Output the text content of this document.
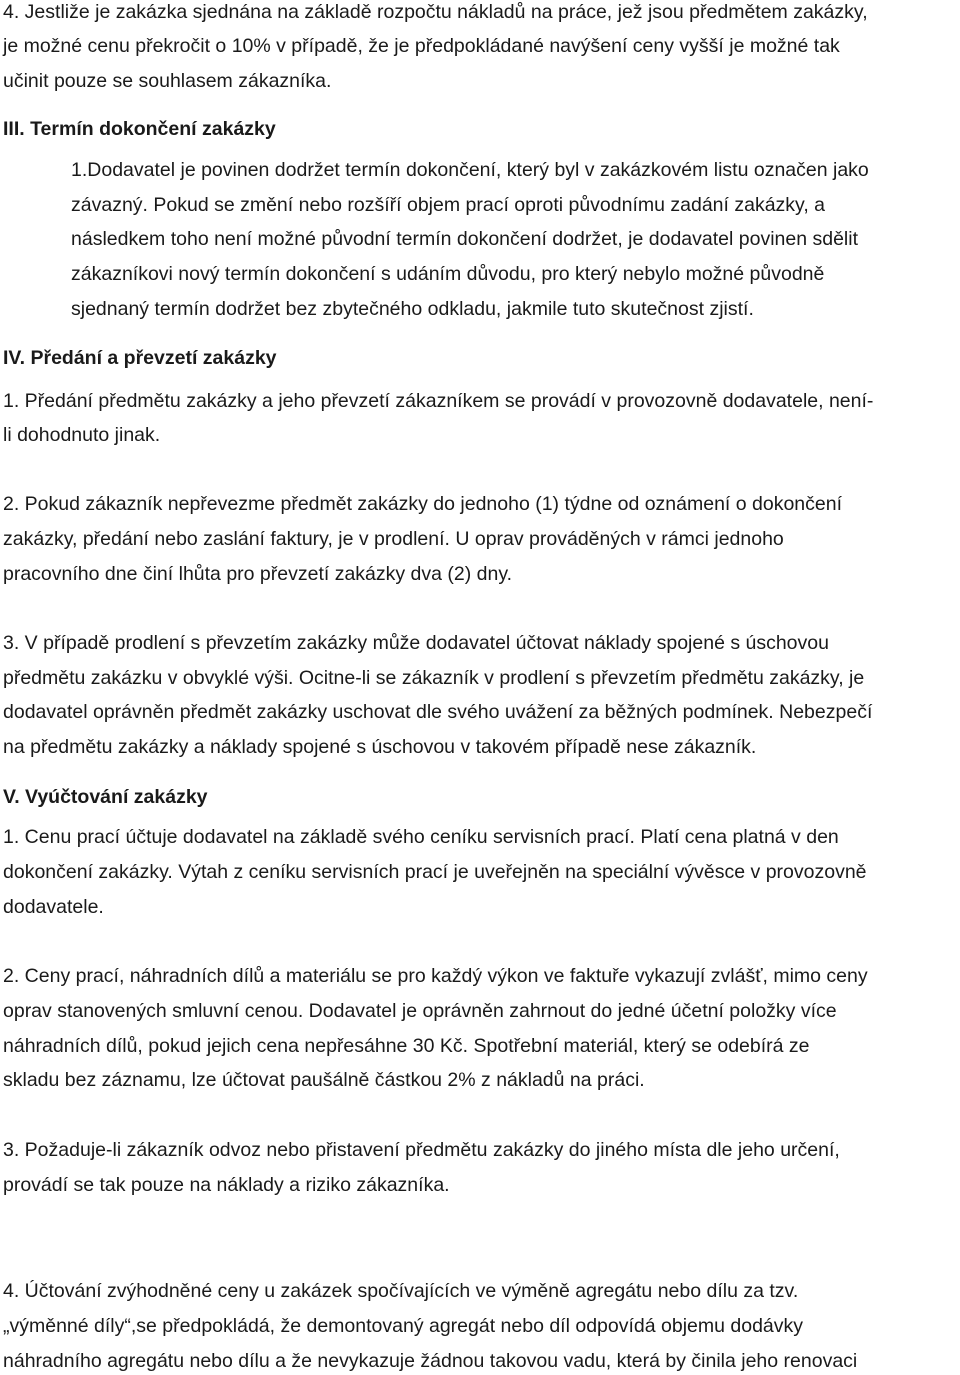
4. Jestliže je zakázka sjednána na základě rozpočtu nákladů na práce, jež jsou předmětem zakázky,

je možné cenu překročit o 10% v případě, že je předpokládané navýšení ceny vyšší je možné tak

učinit pouze se souhlasem zákazníka.

III. Termín dokončení zakázky

1.Dodavatel je povinen dodržet termín dokončení, který byl v zakázkovém listu označen jako

závazný. Pokud se změní nebo rozšíří objem prací oproti původnímu zadání zakázky, a

následkem toho není možné původní termín dokončení dodržet, je dodavatel povinen sdělit

zákazníkovi nový termín dokončení s udáním důvodu, pro který nebylo možné původně

sjednaný termín dodržet bez zbytečného odkladu, jakmile tuto skutečnost zjistí.

IV. Předání a převzetí zakázky

1. Předání předmětu zakázky a jeho převzetí zákazníkem se provádí v provozovně dodavatele, není-

li dohodnuto jinak.

2. Pokud zákazník nepřevezme předmět zakázky do jednoho (1) týdne od oznámení o dokončení

zakázky, předání nebo zaslání faktury, je v prodlení. U oprav prováděných v rámci jednoho

pracovního dne činí lhůta pro převzetí zakázky dva (2) dny.

3. V případě prodlení s převzetím zakázky může dodavatel účtovat náklady spojené s úschovou

předmětu zakázku v obvyklé výši. Ocitne-li se zákazník v prodlení s převzetím předmětu zakázky, je

dodavatel oprávněn předmět zakázky uschovat dle svého uvážení za běžných podmínek. Nebezpečí

na předmětu zakázky a náklady spojené s úschovou v takovém případě nese zákazník.

V. Vyúčtování zakázky

1. Cenu prací účtuje dodavatel na základě svého ceníku servisních prací. Platí cena platná v den

dokončení zakázky. Výtah z ceníku servisních prací je uveřejněn na speciální vývěsce v provozovně

dodavatele.

2. Ceny prací, náhradních dílů a materiálu se pro každý výkon ve faktuře vykazují zvlášť, mimo ceny

oprav stanovených smluvní cenou. Dodavatel je oprávněn zahrnout do jedné účetní položky více

náhradních dílů, pokud jejich cena nepřesáhne 30 Kč. Spotřební materiál, který se odebírá ze

skladu bez záznamu, lze účtovat paušálně částkou 2% z nákladů na práci.

3. Požaduje-li zákazník odvoz nebo přistavení předmětu zakázky do jiného místa dle jeho určení,

provádí se tak pouze na náklady a riziko zákazníka.

4. Účtování zvýhodněné ceny u zakázek spočívajících ve výměně agregátu nebo dílu za tzv.

„výměnné díly“,se předpokládá, že demontovaný agregát nebo díl odpovídá objemu dodávky

náhradního agregátu nebo dílu a že nevykazuje žádnou takovou vadu, která by činila jeho renovaci
